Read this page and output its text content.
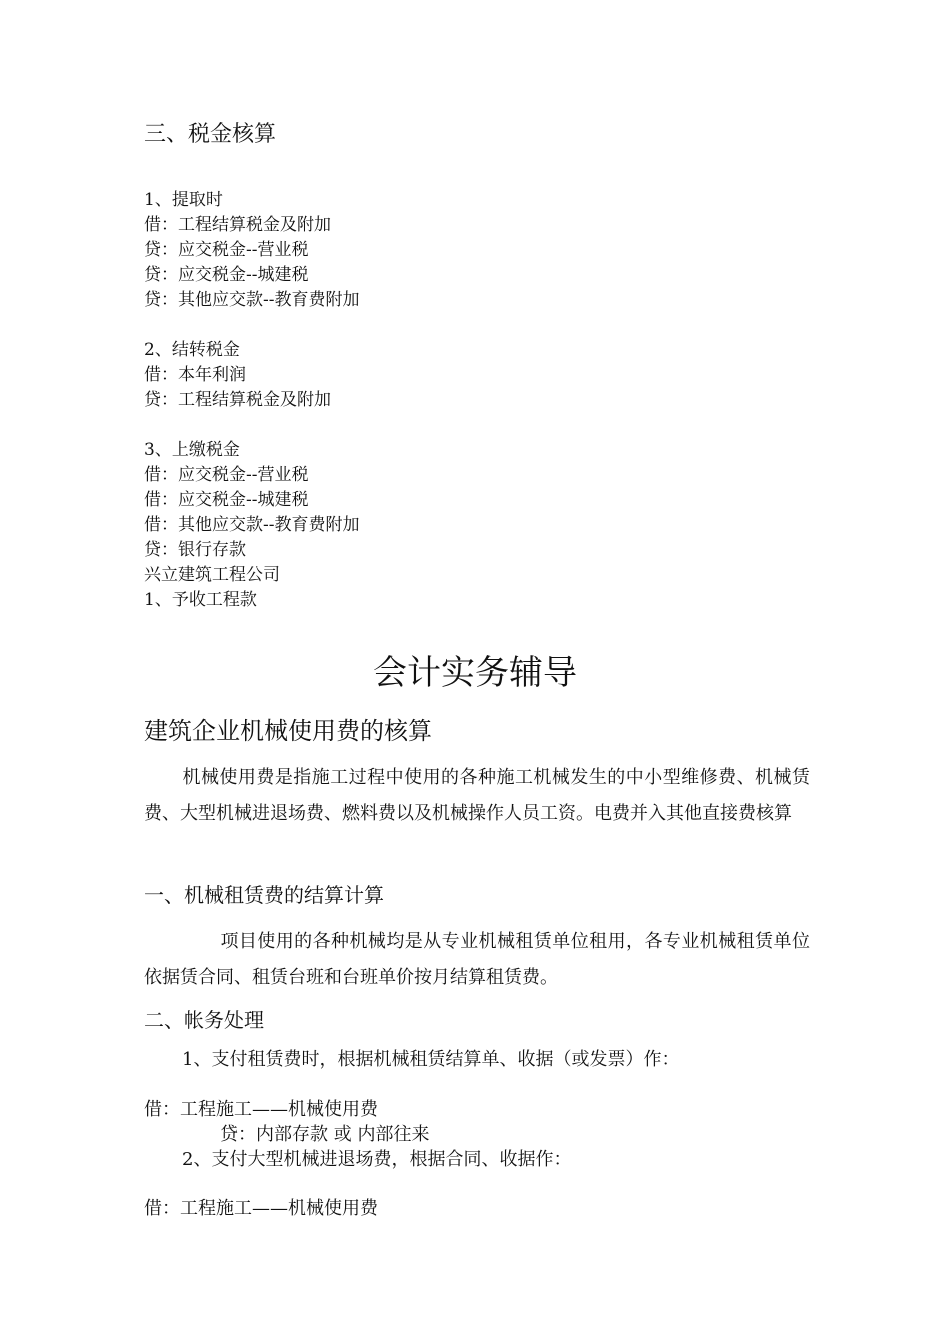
三、税金核算
1、提取时
借：工程结算税金及附加
贷：应交税金--营业税
贷：应交税金--城建税
贷：其他应交款--教育费附加
2、结转税金
借：本年利润
贷：工程结算税金及附加
3、上缴税金
借：应交税金--营业税
借：应交税金--城建税
借：其他应交款--教育费附加
贷：银行存款
兴立建筑工程公司
1、予收工程款
会计实务辅导
建筑企业机械使用费的核算
机械使用费是指施工过程中使用的各种施工机械发生的中小型维修费、机械赁费、大型机械进退场费、燃料费以及机械操作人员工资。电费并入其他直接费核算
一、机械租赁费的结算计算
项目使用的各种机械均是从专业机械租赁单位租用，各专业机械租赁单位依据赁合同、租赁台班和台班单价按月结算租赁费。
二、帐务处理
1、支付租赁费时，根据机械租赁结算单、收据（或发票）作：
借：工程施工——机械使用费
贷：内部存款 或 内部往来
2、支付大型机械进退场费，根据合同、收据作：
借：工程施工——机械使用费
